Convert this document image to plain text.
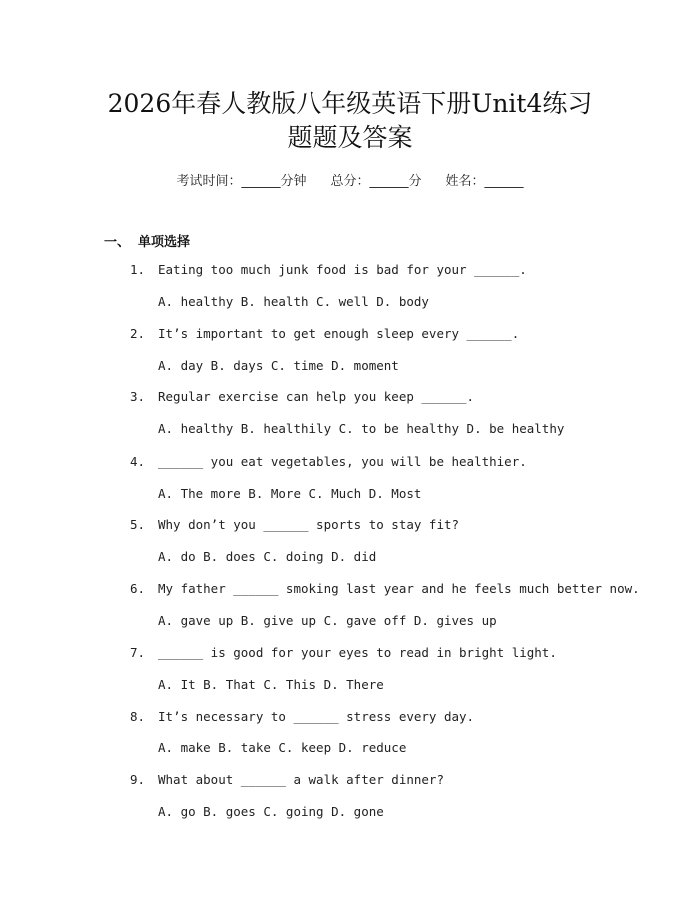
2026年春人教版八年级英语下册Unit4练习
题题及答案
考试时间：______分钟 总分：______分 姓名：______
一、 单项选择
1. Eating too much junk food is bad for your ______.
A. healthy B. health C. well D. body
2. It’s important to get enough sleep every ______.
A. day B. days C. time D. moment
3. Regular exercise can help you keep ______.
A. healthy B. healthily C. to be healthy D. be healthy
4. ______ you eat vegetables, you will be healthier.
A. The more B. More C. Much D. Most
5. Why don’t you ______ sports to stay fit?
A. do B. does C. doing D. did
6. My father ______ smoking last year and he feels much better now.
A. gave up B. give up C. gave off D. gives up
7. ______ is good for your eyes to read in bright light.
A. It B. That C. This D. There
8. It’s necessary to ______ stress every day.
A. make B. take C. keep D. reduce
9. What about ______ a walk after dinner?
A. go B. goes C. going D. gone
